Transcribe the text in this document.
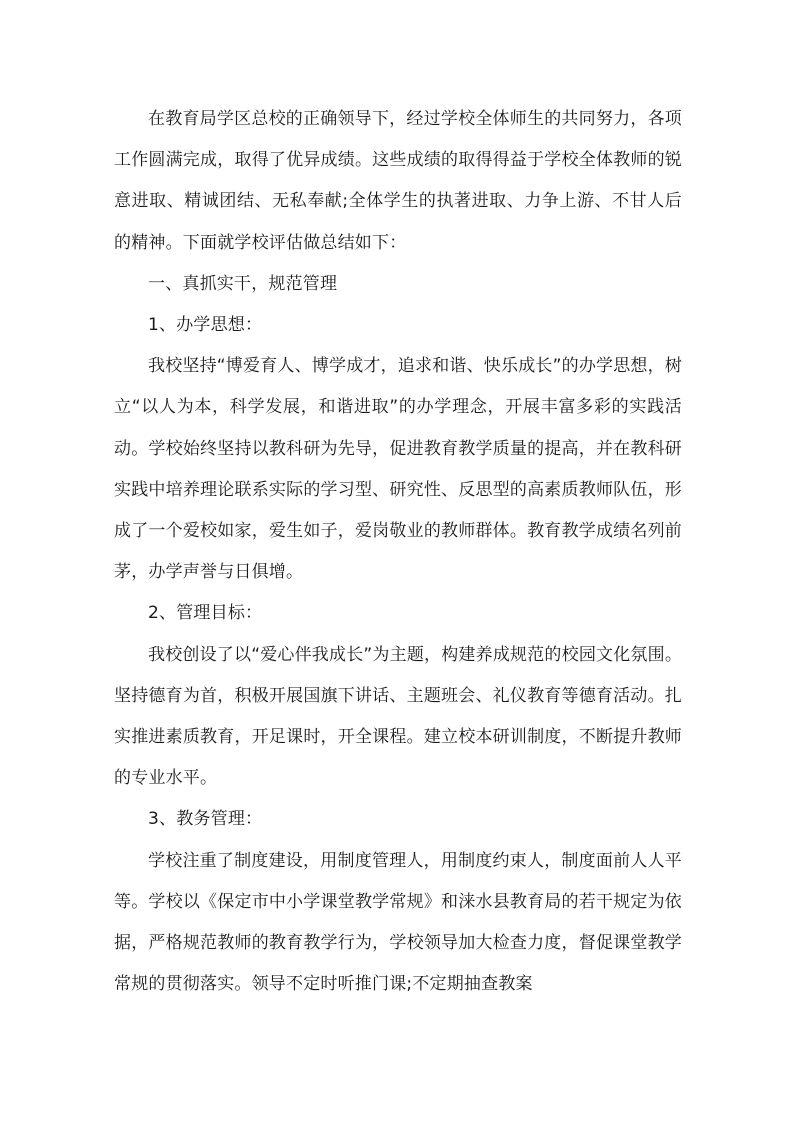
在教育局学区总校的正确领导下，经过学校全体师生的共同努力，各项工作圆满完成，取得了优异成绩。这些成绩的取得得益于学校全体教师的锐意进取、精诚团结、无私奉献;全体学生的执著进取、力争上游、不甘人后的精神。下面就学校评估做总结如下：

一、真抓实干，规范管理

1、办学思想：

我校坚持“博爱育人、博学成才，追求和谐、快乐成长”的办学思想，树立“以人为本，科学发展，和谐进取”的办学理念，开展丰富多彩的实践活动。学校始终坚持以教科研为先导，促进教育教学质量的提高，并在教科研实践中培养理论联系实际的学习型、研究性、反思型的高素质教师队伍，形成了一个爱校如家，爱生如子，爱岗敬业的教师群体。教育教学成绩名列前茅，办学声誉与日俱增。

2、管理目标：

我校创设了以“爱心伴我成长”为主题，构建养成规范的校园文化氛围。坚持德育为首，积极开展国旗下讲话、主题班会、礼仪教育等德育活动。扎实推进素质教育，开足课时，开全课程。建立校本研训制度，不断提升教师的专业水平。

3、教务管理：

学校注重了制度建设，用制度管理人，用制度约束人，制度面前人人平等。学校以《保定市中小学课堂教学常规》和涞水县教育局的若干规定为依据，严格规范教师的教育教学行为，学校领导加大检查力度，督促课堂教学常规的贯彻落实。领导不定时听推门课;不定期抽查教案
